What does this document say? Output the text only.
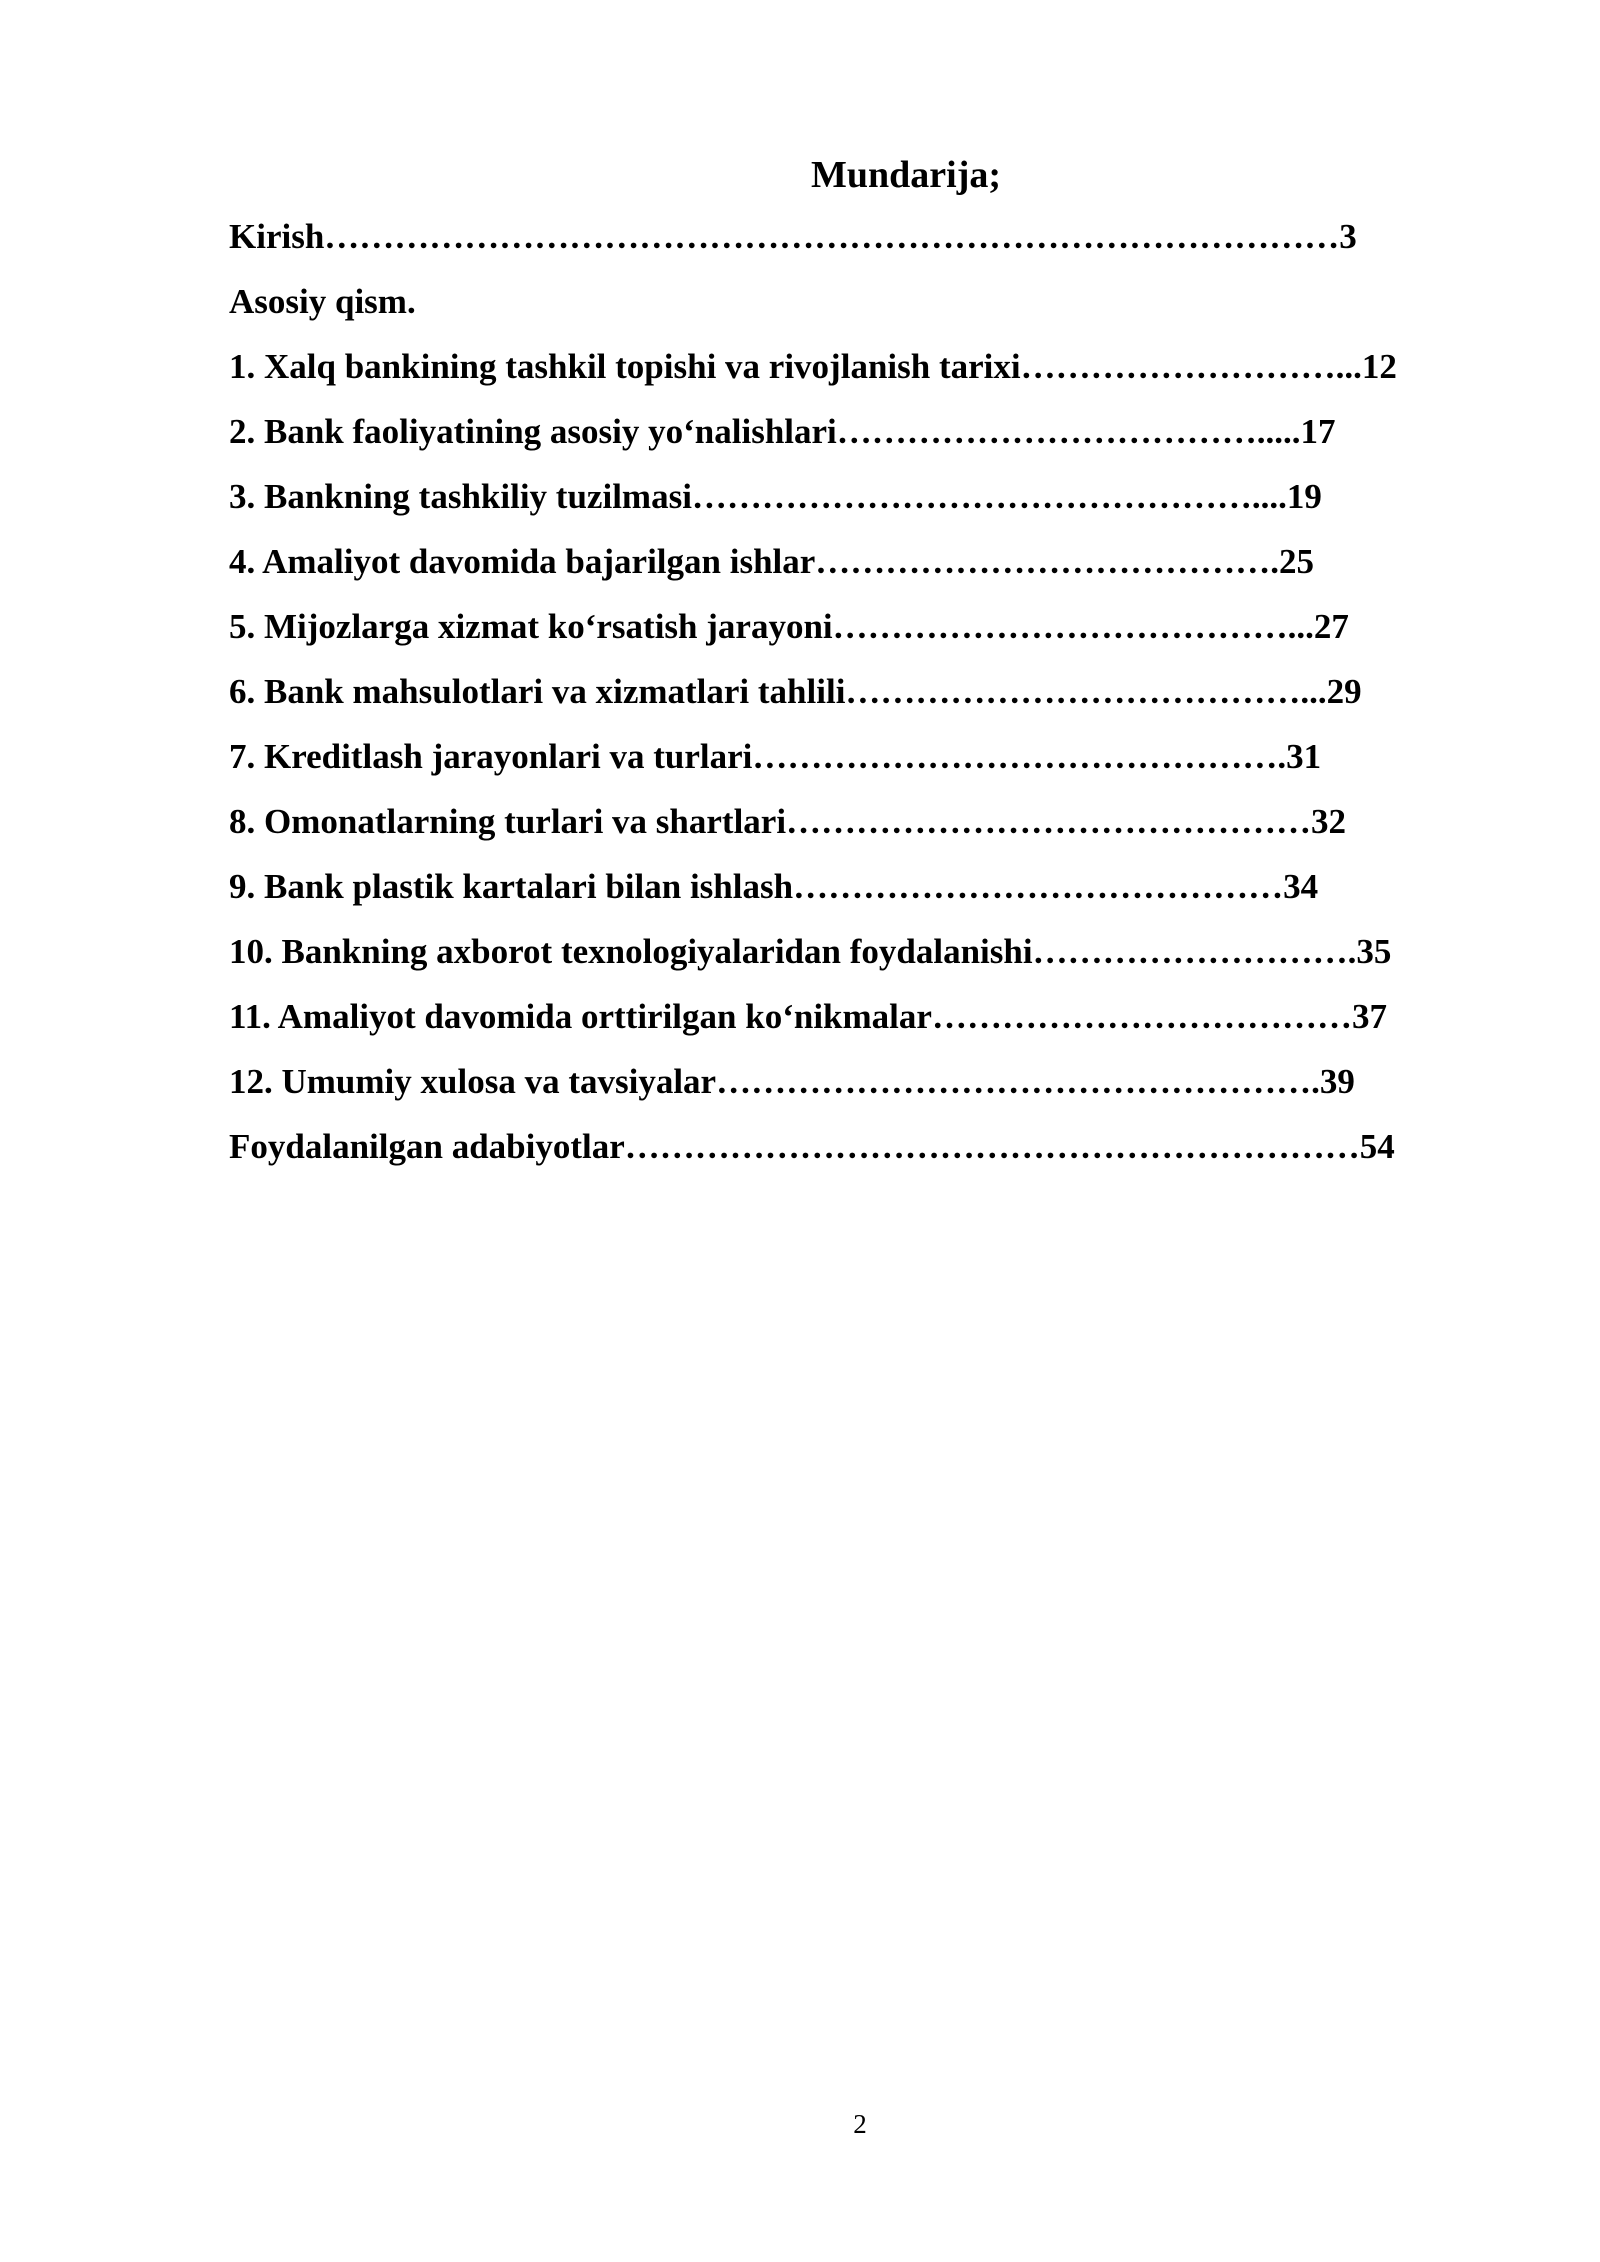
Mundarija;
Kirish……………………………………………………………………………3
Asosiy qism.
1. Xalq bankining tashkil topishi va rivojlanish tarixi………………………...12
2. Bank faoliyatining asosiy yo‘nalishlari……………………………….....17
3. Bankning tashkiliy tuzilmasi…………………………………………....19
4. Amaliyot davomida bajarilgan ishlar………………………………….25
5. Mijozlarga xizmat ko‘rsatish jarayoni…………………………………...27
6. Bank mahsulotlari va xizmatlari tahlili…………………………………...29
7. Kreditlash jarayonlari va turlari……………………………………….31
8. Omonatlarning turlari va shartlari………………………………………32
9. Bank plastik kartalari bilan ishlash……………………………………34
10. Bankning axborot texnologiyalaridan foydalanishi……………………….35
11. Amaliyot davomida orttirilgan ko‘nikmalar………………………………37
12. Umumiy xulosa va tavsiyalar…………………………………………….39
Foydalanilgan adabiyotlar………………………………………………………54
2
